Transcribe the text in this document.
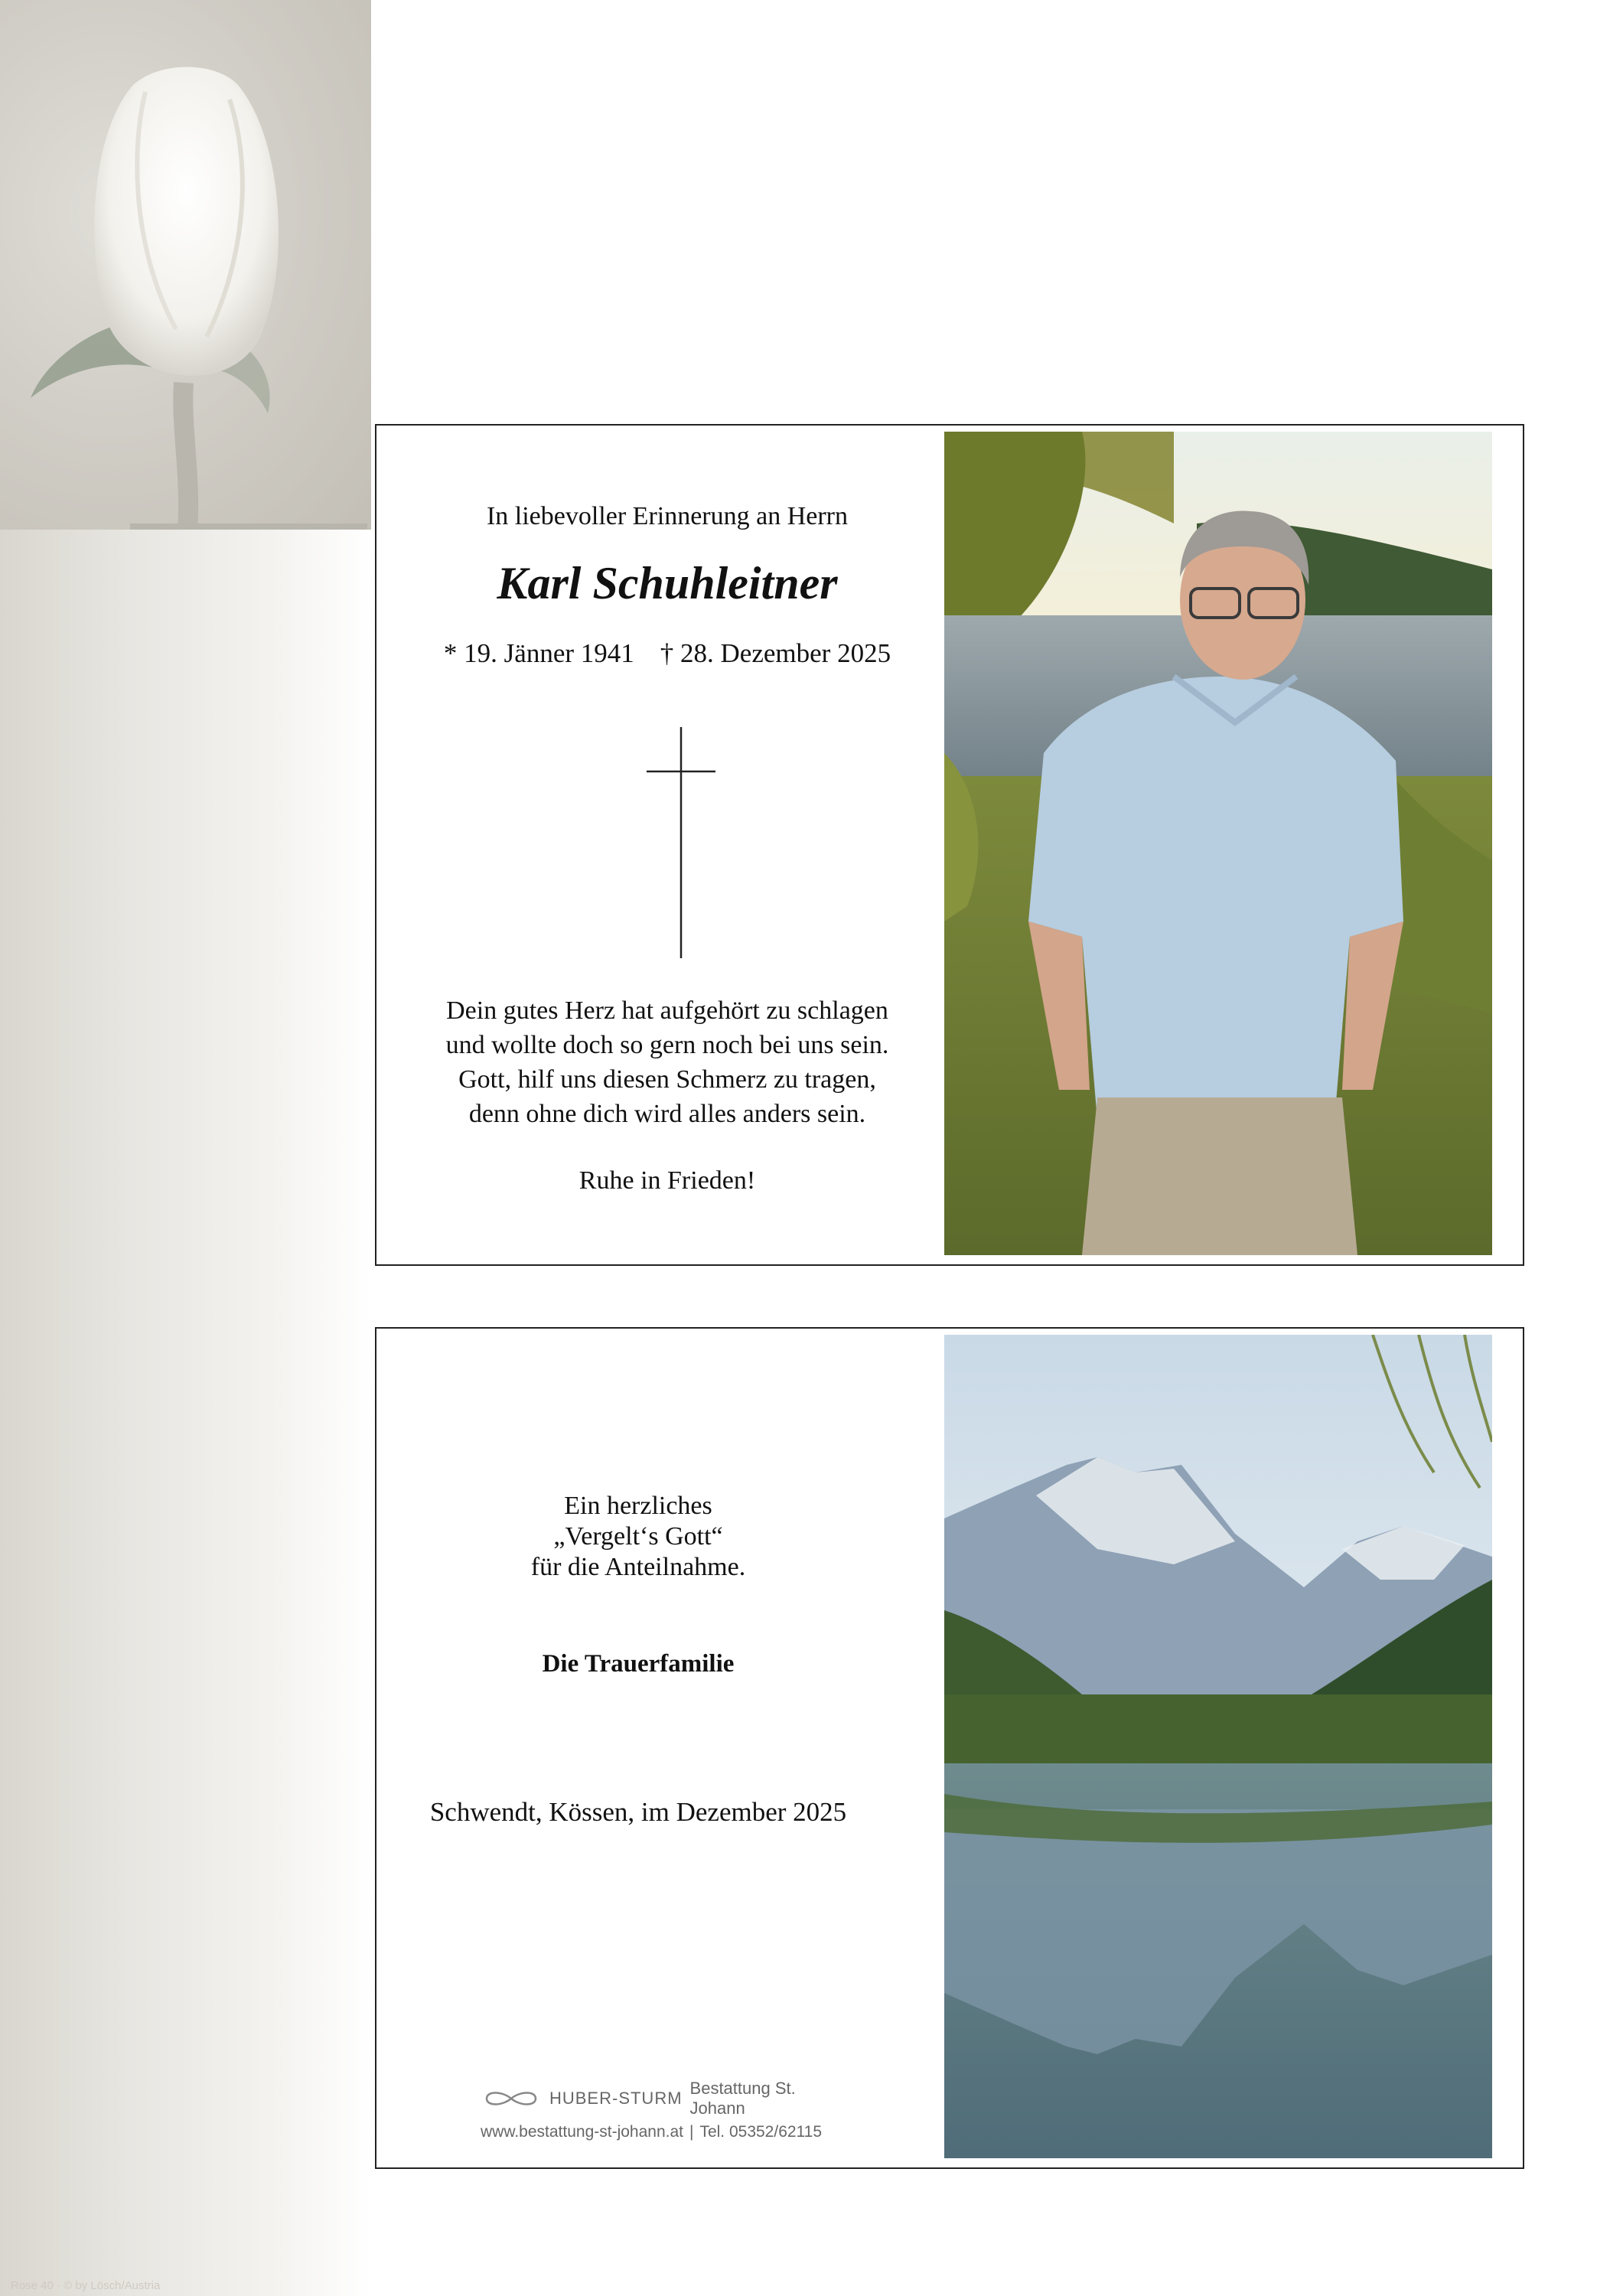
Rose 40 · © by Lösch/Austria
In liebevoller Erinnerung an Herrn
Karl Schuhleitner
* 19. Jänner 1941 † 28. Dezember 2025
Dein gutes Herz hat aufgehört zu schlagen
und wollte doch so gern noch bei uns sein.
Gott, hilf uns diesen Schmerz zu tragen,
denn ohne dich wird alles anders sein.
Ruhe in Frieden!
Ein herzliches
„Vergelt‘s Gott“
für die Anteilnahme.
Die Trauerfamilie
Schwendt, Kössen, im Dezember 2025
HUBER-STURM
Bestattung St. Johann
www.bestattung-st-johann.at | Tel. 05352/62115
